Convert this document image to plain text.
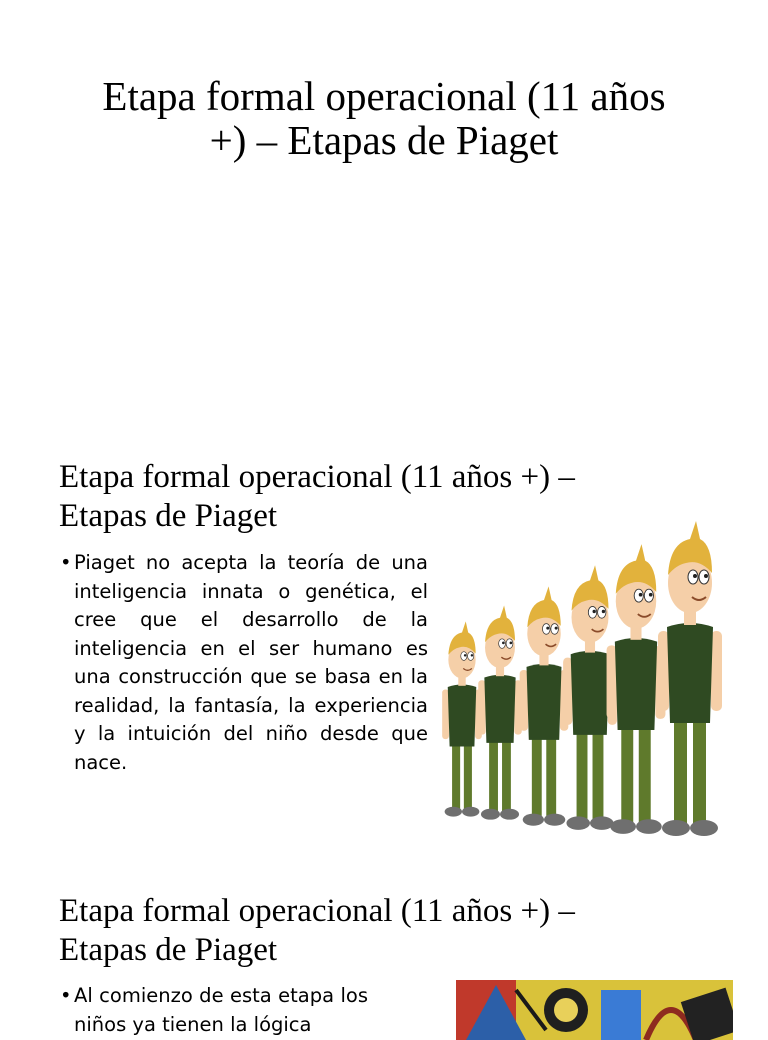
Etapa formal operacional (11 años +) – Etapas de Piaget
Etapa formal operacional (11 años +) – Etapas de Piaget
• Piaget no acepta la teoría de una inteligencia innata o genética, el cree que el desarrollo de la inteligencia en el ser humano es una construcción que se basa en la realidad, la fantasía, la experiencia y la intuición del niño desde que nace.
Etapa formal operacional (11 años +) – Etapas de Piaget
• Al comienzo de esta etapa los niños ya tienen la lógica
